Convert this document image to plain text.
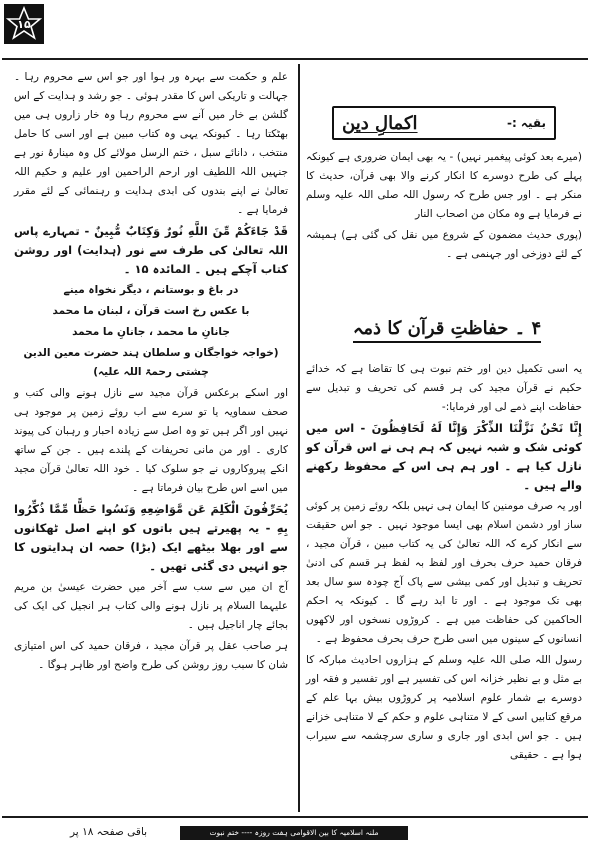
۱۵
بقیہ :-
اکمالِ دین

(میرے بعد کوئی پیغمبر نہیں) - یہ بھی ایمان ضروری ہے کیونکہ پہلے کی طرح دوسرے کا انکار کرنے والا بھی قرآن، حدیث کا منکر ہے ۔ اور جس طرح کہ رسول اللہ صلی اللہ علیہ وسلم نے فرمایا ہے وہ مکان من اصحاب النار

(پوری حدیث مضمون کے شروع میں نقل کی گئی ہے) ہمیشہ کے لئے دوزخی اور جہنمی ہے ۔

۴ ۔ حفاظتِ قرآن کا ذمہ

یہ اسی تکمیل دین اور ختم نبوت ہی کا تقاضا ہے کہ خدائے حکیم نے قرآن مجید کی ہر قسم کی تحریف و تبدیل سے حفاظت اپنے ذمے لی اور فرمایا:-

إِنَّا نَحْنُ نَزَّلْنَا الذِّكْرَ وَإِنَّا لَهُ لَحَافِظُونَ - اس میں کوئی شک و شبہ نہیں کہ ہم ہی نے اس قرآن کو نازل کیا ہے ۔ اور ہم ہی اس کے محفوظ رکھنے والے ہیں ۔

اور یہ صرف مومنین کا ایمان ہی نہیں بلکہ روئے زمین پر کوئی ساز اور دشمن اسلام بھی ایسا موجود نہیں ۔ جو اس حقیقت سے انکار کرے کہ اللہ تعالیٰ کی یہ کتاب مبین ، قرآن مجید ، فرقان حمید حرف بحرف اور لفظ بہ لفظ ہر قسم کی ادنیٰ تحریف و تبدیل اور کمی بیشی سے پاک آج چودہ سو سال بعد بھی تک موجود ہے ۔ اور تا ابد رہے گا ۔ کیونکہ یہ احکم الحاکمین کی حفاظت میں ہے ۔ کروڑوں نسخوں اور لاکھوں انسانوں کے سینوں میں اسی طرح حرف بحرف محفوظ ہے ۔

رسول اللہ صلی اللہ علیہ وسلم کے ہزاروں احادیث مبارکہ کا بے مثل و بے نظیر خزانہ اس کی تفسیر ہے اور تفسیر و فقہ اور دوسرے بے شمار علوم اسلامیہ پر کروڑوں بیش بہا علم کے مرقع کتابیں اسی کے لا متناہی علوم و حکم کے لا متناہی خزانے ہیں ۔ جو اس ابدی اور جاری و ساری سرچشمہ سے سیراب ہوا ہے ۔ حقیقی

علم و حکمت سے بہرہ ور ہوا اور جو اس سے محروم رہا ۔ جہالت و تاریکی اس کا مقدر ہوئی ۔ جو رشد و ہدایت کے اس گلشن بے خار میں آنے سے محروم رہا وہ خار زاروں ہی میں بھٹکتا رہا ۔ کیونکہ یہی وہ کتاب مبین ہے اور اسی کا حامل منتخب ، دانائے سبل ، ختم الرسل مولائے کل وہ مینارۂ نور ہے جنہیں اللہ اللطیف اور ارحم الراحمین اور علیم و حکیم اللہ تعالیٰ نے اپنے بندوں کی ابدی ہدایت و رہنمائی کے لئے مقرر فرمایا ہے ۔

قَدْ جَاءَكُمْ مِّنَ اللَّهِ نُورٌ وَكِتَابٌ مُّبِينٌ - تمہارے پاس اللہ تعالیٰ کی طرف سے نور (ہدایت) اور روشن کتاب آچکے ہیں ۔ المائدہ ۱۵ ۔

در باغ و بوستانم ، دیگر نخواہ مینے

با عکس رخ است قرآن ، لبنان ما محمد

جانانِ ما محمد ، جانانِ ما محمد

(خواجہ خواجگان و سلطان ہند حضرت معین الدین چشتی رحمۃ اللہ علیہ)

اور اسکے برعکس قرآن مجید سے نازل ہونے والی کتب و صحف سماویہ یا تو سرے سے اب روئے زمین پر موجود ہی نہیں اور اگر ہیں تو وہ اصل سے زیادہ احبار و رہبان کی پیوند کاری ۔ اور من مانی تحریفات کے پلندے ہیں ۔ جن کے ساتھ انکے پیروکاروں نے جو سلوک کیا ۔ خود اللہ تعالیٰ قرآن مجید میں اسے اس طرح بیان فرماتا ہے ۔

يُحَرِّفُونَ الْكَلِمَ عَن مَّوَاضِعِهِ وَنَسُوا حَظًّا مِّمَّا ذُكِّرُوا بِهِ - یہ پھیرتے ہیں باتوں کو اپنے اصل ٹھکانوں سے اور بھلا بیٹھے ایک (بڑا) حصہ ان ہدایتوں کا جو انہیں دی گئی تھیں ۔

آج ان میں سے سب سے آخر میں حضرت عیسیٰ بن مریم علیہما السلام پر نازل ہونے والی کتاب ہر انجیل کی ایک کی بجائے چار اناجیل ہیں ۔

ہر صاحب عقل پر قرآن مجید ، فرقان حمید کی اس امتیازی شان کا سبب روز روشن کی طرح واضح اور ظاہر ہوگا ۔

باقی صفحہ ۱۸ پر	ملنہ اسلامیہ کا بین الاقوامی ہفت روزہ ---- ختم نبوت
